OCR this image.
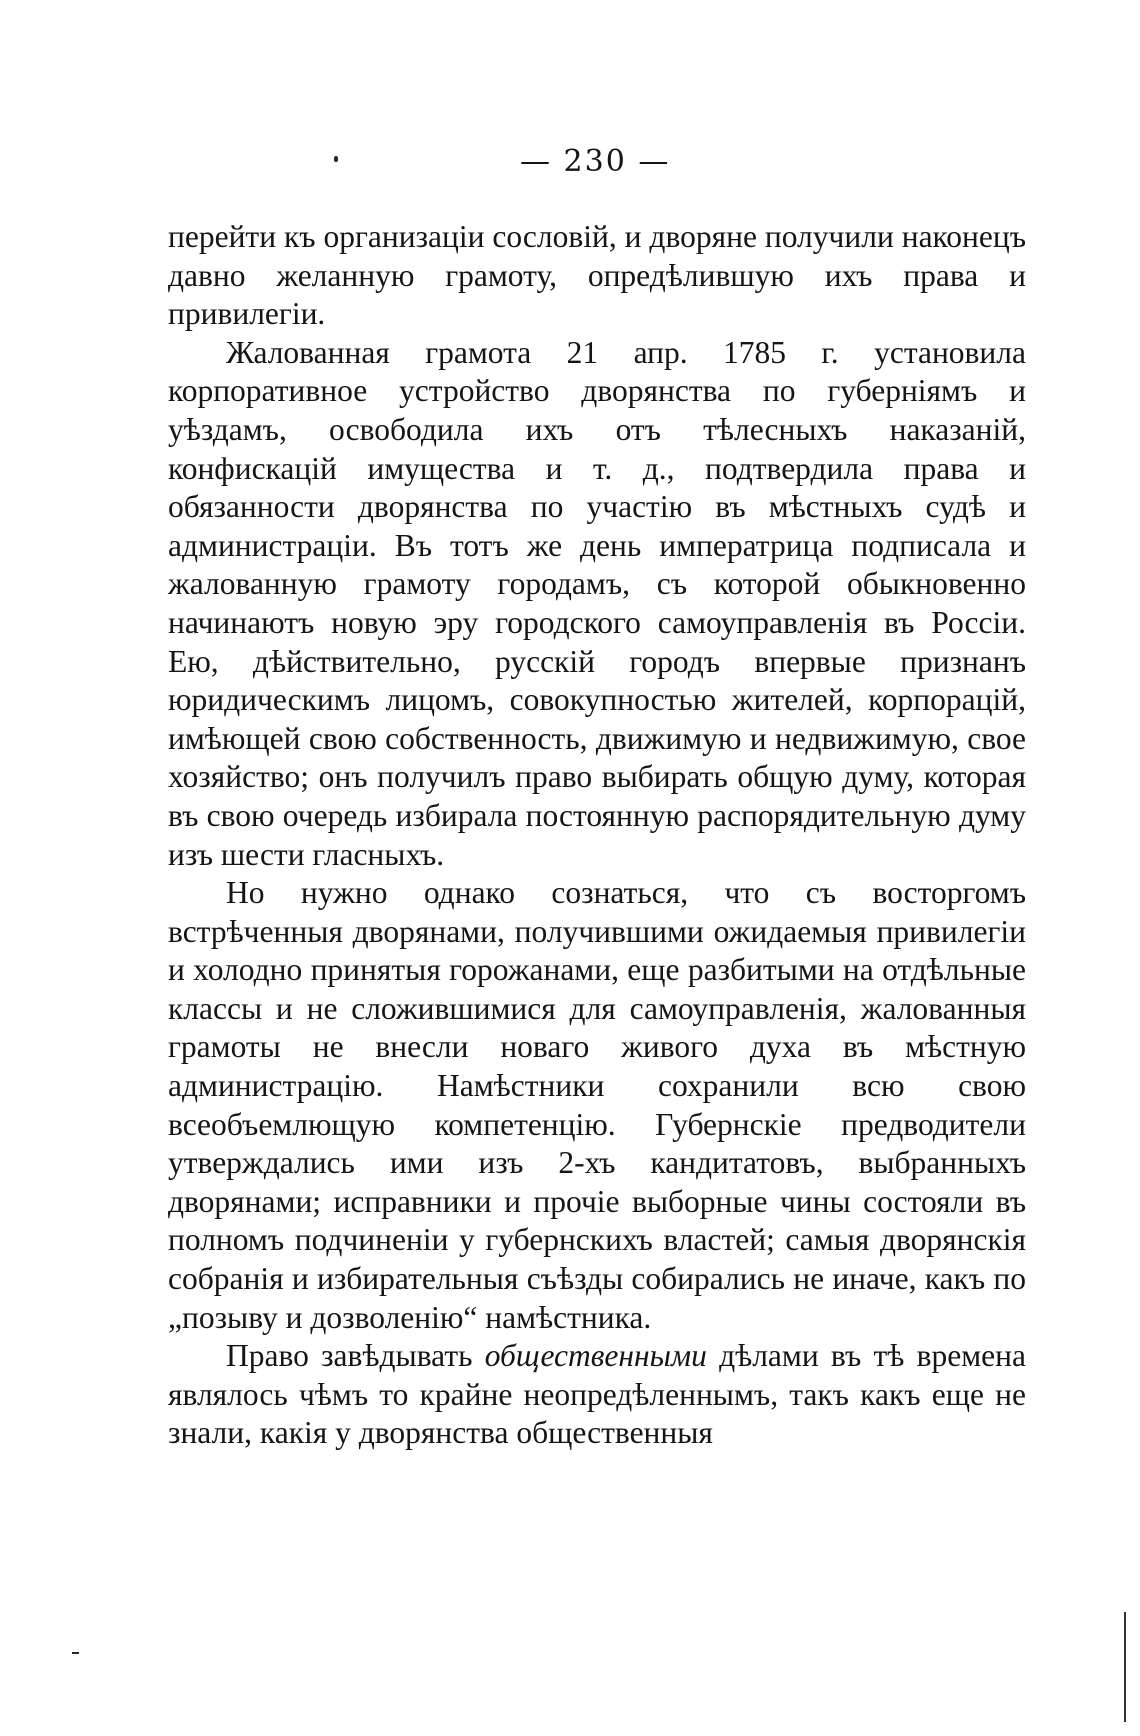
— 230 —

перейти къ организаціи сословій, и дворяне получили наконецъ давно желанную грамоту, опредѣлившую ихъ права и привилегіи.

Жалованная грамота 21 апр. 1785 г. установила корпоративное устройство дворянства по губерніямъ и уѣздамъ, освободила ихъ отъ тѣлесныхъ наказаній, конфискацій имущества и т. д., подтвердила права и обязанности дворянства по участію въ мѣстныхъ судѣ и администраціи. Въ тотъ же день императрица подписала и жалованную грамоту городамъ, съ которой обыкновенно начинаютъ новую эру городского самоуправленія въ Россіи. Ею, дѣйствительно, русскій городъ впервые признанъ юридическимъ лицомъ, совокупностью жителей, корпорацій, имѣющей свою собственность, движимую и недвижимую, свое хозяйство; онъ получилъ право выбирать общую думу, которая въ свою очередь избирала постоянную распорядительную думу изъ шести гласныхъ.

Но нужно однако сознаться, что съ восторгомъ встрѣченныя дворянами, получившими ожидаемыя привилегіи и холодно принятыя горожанами, еще разбитыми на отдѣльные классы и не сложившимися для самоуправленія, жалованныя грамоты не внесли новаго живого духа въ мѣстную администрацію. Намѣстники сохранили всю свою всеобъемлющую компетенцію. Губернскіе предводители утверждались ими изъ 2-хъ кандитатовъ, выбранныхъ дворянами; исправники и прочіе выборные чины состояли въ полномъ подчиненіи у губернскихъ властей; самыя дворянскія собранія и избирательныя съѣзды собирались не иначе, какъ по „позыву и дозволенію“ намѣстника.

Право завѣдывать общественными дѣлами въ тѣ времена являлось чѣмъ то крайне неопредѣленнымъ, такъ какъ еще не знали, какія у дворянства общественныя
